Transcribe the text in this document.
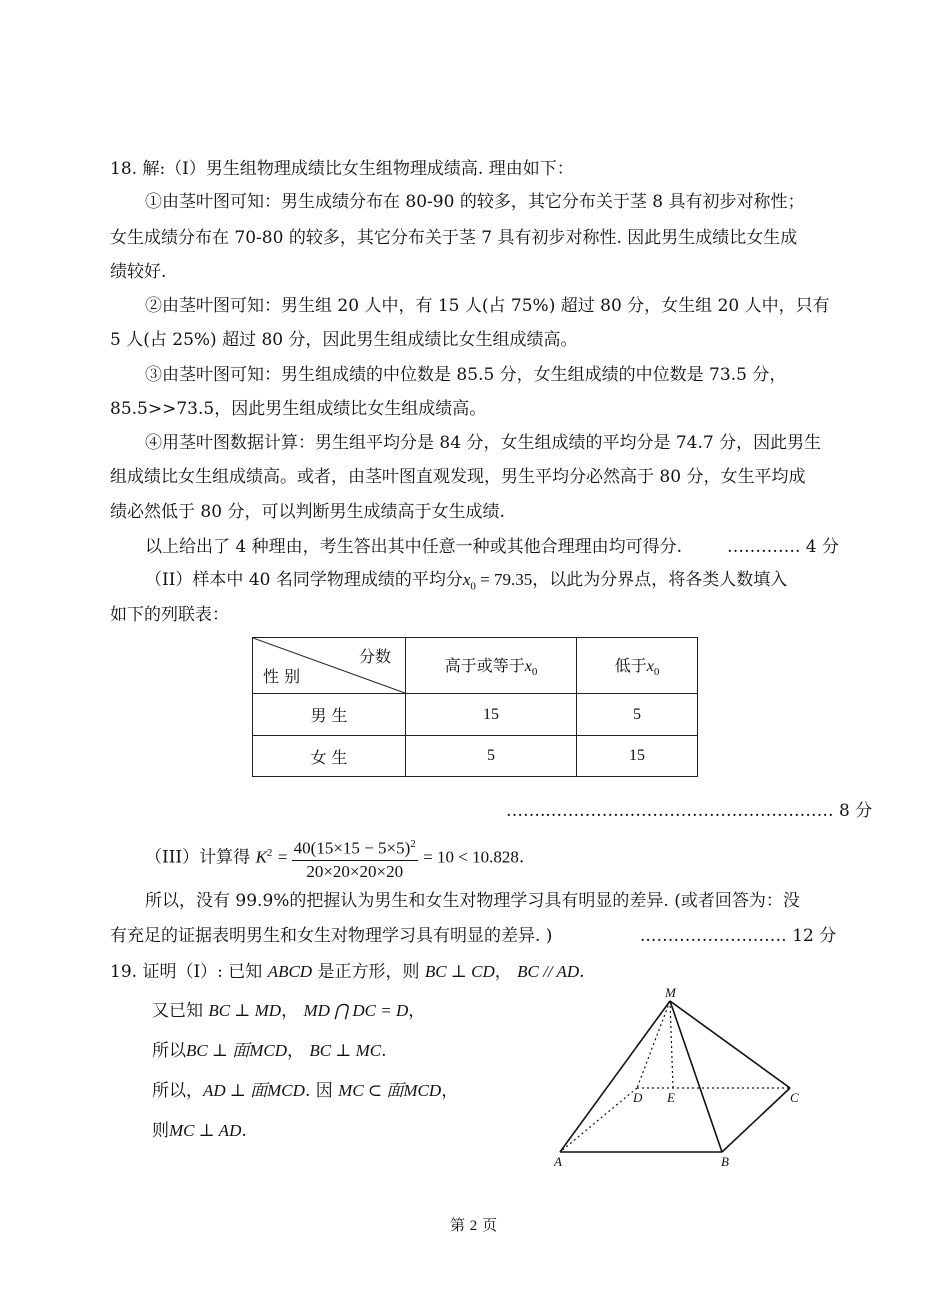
18. 解:（I）男生组物理成绩比女生组物理成绩高. 理由如下：
①由茎叶图可知：男生成绩分布在 80-90 的较多，其它分布关于茎 8 具有初步对称性；
女生成绩分布在 70-80 的较多，其它分布关于茎 7 具有初步对称性. 因此男生成绩比女生成
绩较好.
②由茎叶图可知：男生组 20 人中，有 15 人(占 75%) 超过 80 分，女生组 20 人中，只有
5 人(占 25%) 超过 80 分，因此男生组成绩比女生组成绩高。
③由茎叶图可知：男生组成绩的中位数是 85.5 分，女生组成绩的中位数是 73.5 分，
85.5>>73.5，因此男生组成绩比女生组成绩高。
④用茎叶图数据计算：男生组平均分是 84 分，女生组成绩的平均分是 74.7 分，因此男生
组成绩比女生组成绩高。或者，由茎叶图直观发现，男生平均分必然高于 80 分，女生平均成
绩必然低于 80 分，可以判断男生成绩高于女生成绩.
以上给出了 4 种理由，考生答出其中任意一种或其他合理理由均可得分.	…………. 4 分
（II）样本中 40 名同学物理成绩的平均分$x_0 = 79.35$，以此为分界点，将各类人数填入
如下的列联表：
分数
性 别	高于或等于$x_0$	低于$x_0$
男 生	15	5
女 生	5	15
……..…………..……………………………… 8 分
（III）计算得 $K^2 = \frac{40(15\times 15 - 5\times 5)^2}{20\times 20\times 20\times 20} = 10 < 10.828$.
所以，没有 99.9%的把握认为男生和女生对物理学习具有明显的差异. (或者回答为：没
有充足的证据表明男生和女生对物理学习具有明显的差异. )	..…………………… 12 分
19. 证明（I）: 已知 ABCD 是正方形，则 BC ⊥ CD， BC // AD.
又已知 BC ⊥ MD， MD ⋂ DC = D，
所以BC ⊥ 面MCD， BC ⊥ MC.
所以，AD ⊥ 面MCD. 因 MC ⊂ 面MCD，
则MC ⊥ AD.
M
D E	C
A	B
第 2 页
